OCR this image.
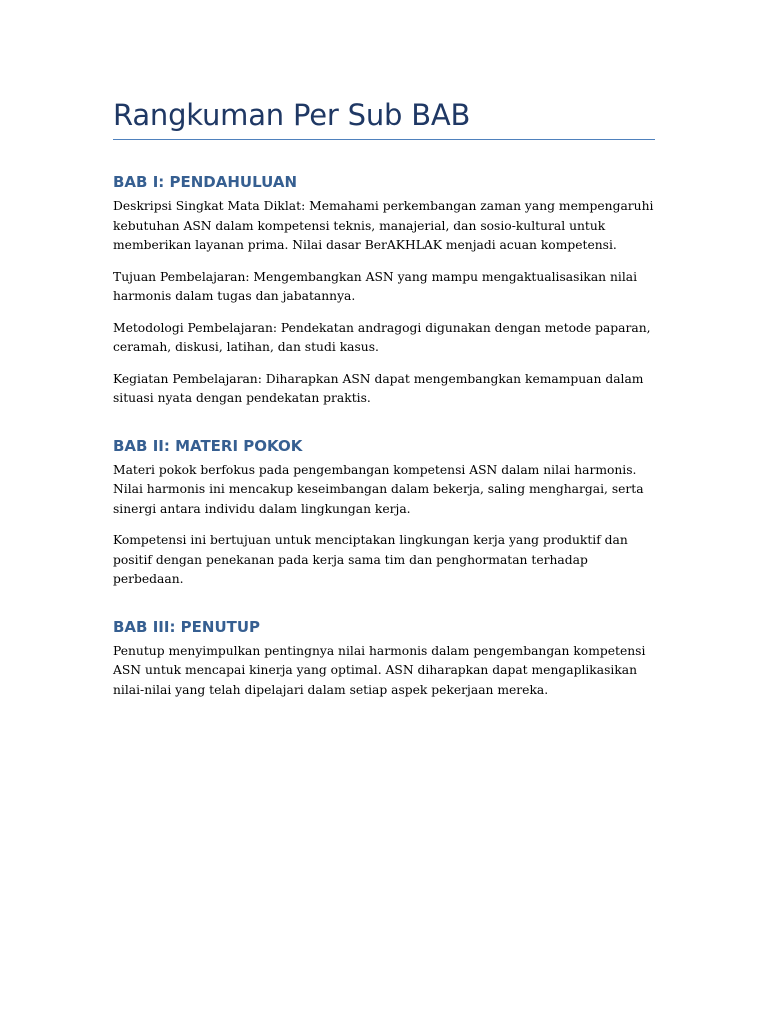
Rangkuman Per Sub BAB
BAB I: PENDAHULUAN

Deskripsi Singkat Mata Diklat: Memahami perkembangan zaman yang mempengaruhi kebutuhan ASN dalam kompetensi teknis, manajerial, dan sosio-kultural untuk memberikan layanan prima. Nilai dasar BerAKHLAK menjadi acuan kompetensi.

Tujuan Pembelajaran: Mengembangkan ASN yang mampu mengaktualisasikan nilai harmonis dalam tugas dan jabatannya.

Metodologi Pembelajaran: Pendekatan andragogi digunakan dengan metode paparan, ceramah, diskusi, latihan, dan studi kasus.

Kegiatan Pembelajaran: Diharapkan ASN dapat mengembangkan kemampuan dalam situasi nyata dengan pendekatan praktis.

BAB II: MATERI POKOK

Materi pokok berfokus pada pengembangan kompetensi ASN dalam nilai harmonis. Nilai harmonis ini mencakup keseimbangan dalam bekerja, saling menghargai, serta sinergi antara individu dalam lingkungan kerja.

Kompetensi ini bertujuan untuk menciptakan lingkungan kerja yang produktif dan positif dengan penekanan pada kerja sama tim dan penghormatan terhadap perbedaan.

BAB III: PENUTUP

Penutup menyimpulkan pentingnya nilai harmonis dalam pengembangan kompetensi ASN untuk mencapai kinerja yang optimal. ASN diharapkan dapat mengaplikasikan nilai-nilai yang telah dipelajari dalam setiap aspek pekerjaan mereka.
